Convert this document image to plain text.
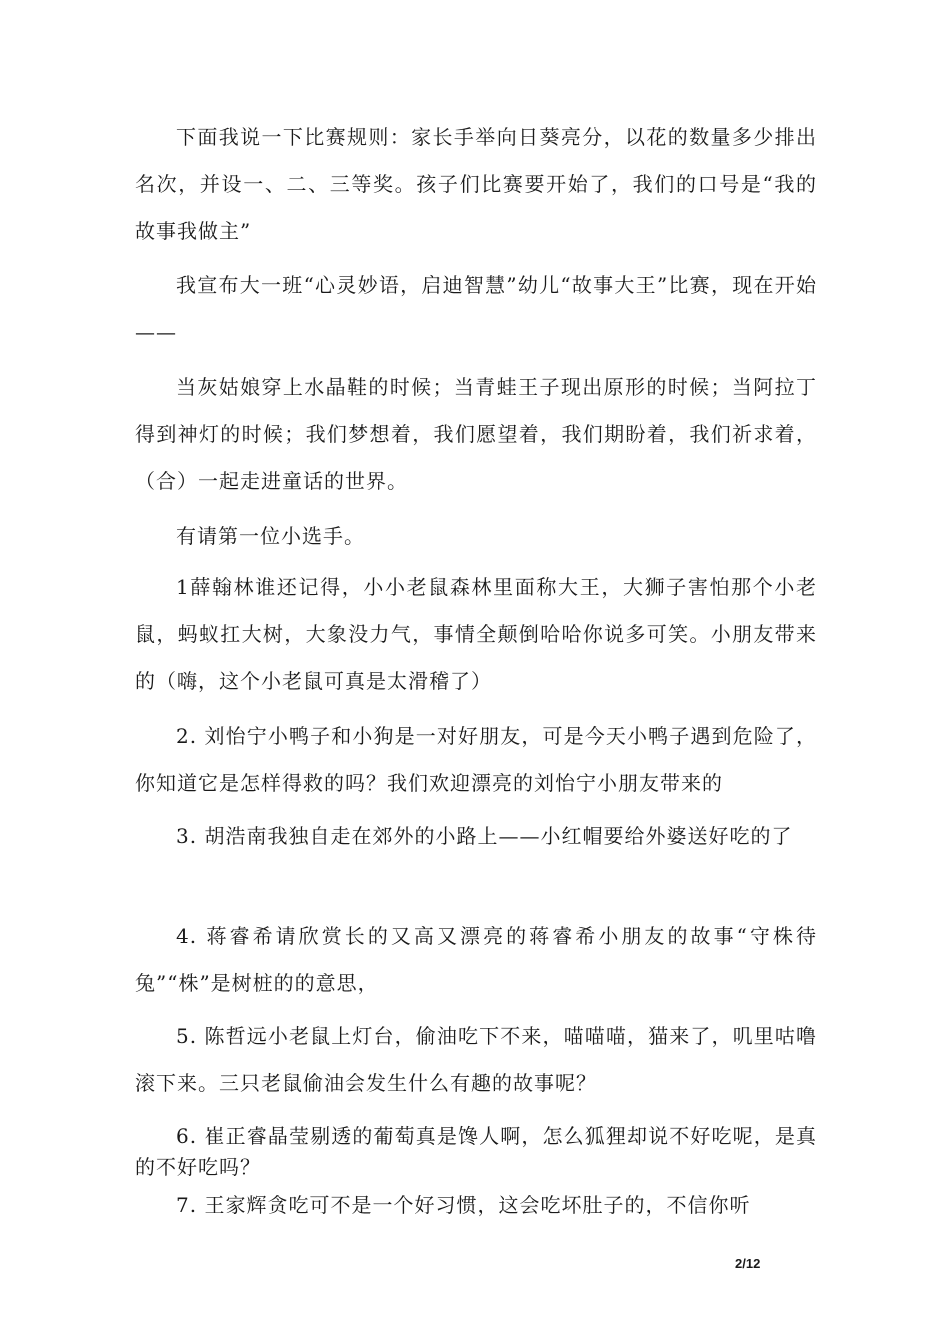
下面我说一下比赛规则：家长手举向日葵亮分，以花的数量多少排出名次，并设一、二、三等奖。孩子们比赛要开始了，我们的口号是“我的故事我做主”

我宣布大一班“心灵妙语，启迪智慧”幼儿“故事大王”比赛，现在开始——

当灰姑娘穿上水晶鞋的时候；当青蛙王子现出原形的时候；当阿拉丁得到神灯的时候；我们梦想着，我们愿望着，我们期盼着，我们祈求着，（合）一起走进童话的世界。

有请第一位小选手。

1薛翰林谁还记得，小小老鼠森林里面称大王，大狮子害怕那个小老鼠，蚂蚁扛大树，大象没力气，事情全颠倒哈哈你说多可笑。小朋友带来的（嗨，这个小老鼠可真是太滑稽了）

2. 刘怡宁小鸭子和小狗是一对好朋友，可是今天小鸭子遇到危险了，你知道它是怎样得救的吗？我们欢迎漂亮的刘怡宁小朋友带来的

3. 胡浩南我独自走在郊外的小路上——小红帽要给外婆送好吃的了

4. 蒋睿希请欣赏长的又高又漂亮的蒋睿希小朋友的故事“守株待兔”“株”是树桩的的意思，

5. 陈哲远小老鼠上灯台，偷油吃下不来，喵喵喵，猫来了，叽里咕噜滚下来。三只老鼠偷油会发生什么有趣的故事呢？

6. 崔正睿晶莹剔透的葡萄真是馋人啊，怎么狐狸却说不好吃呢，是真的不好吃吗？

7. 王家辉贪吃可不是一个好习惯，这会吃坏肚子的，不信你听

2/12
